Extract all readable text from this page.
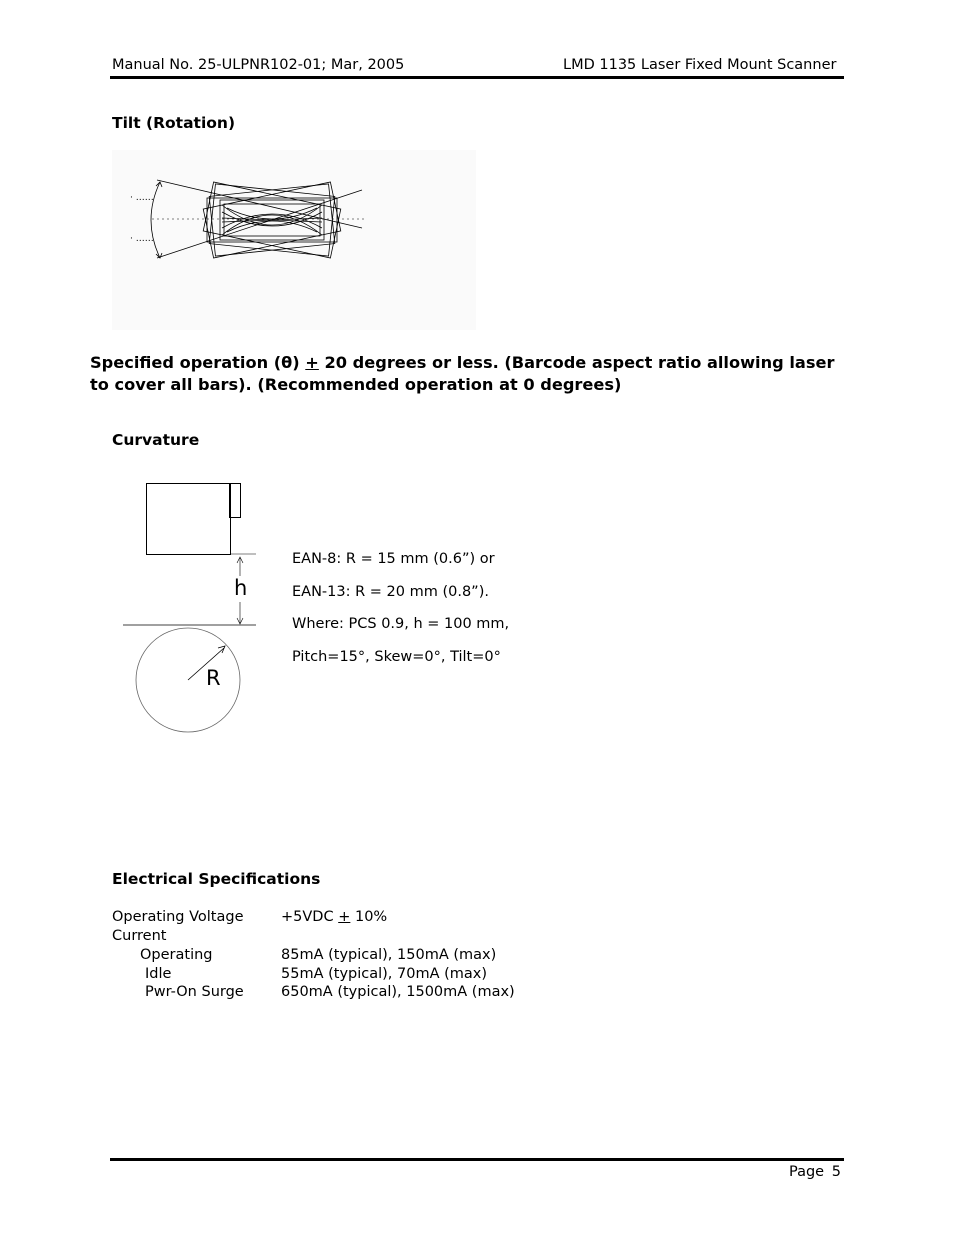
Manual No. 25-ULPNR102-01; Mar, 2005	LMD 1135 Laser Fixed Mount Scanner
Tilt (Rotation)
· ……
· ……
Specified operation (θ) + 20 degrees or less. (Barcode aspect ratio allowing laser to cover all bars). (Recommended operation at 0 degrees)
Curvature
h
R
EAN-8: R = 15 mm (0.6”) or
EAN-13: R = 20 mm (0.8”).
Where: PCS 0.9, h = 100 mm,
Pitch=15°, Skew=0°, Tilt=0°
Electrical Specifications
Operating Voltage	+5VDC + 10%
Current
Operating	85mA (typical), 150mA (max)
Idle	55mA (typical), 70mA (max)
Pwr-On Surge	650mA (typical), 1500mA (max)
Page 5
